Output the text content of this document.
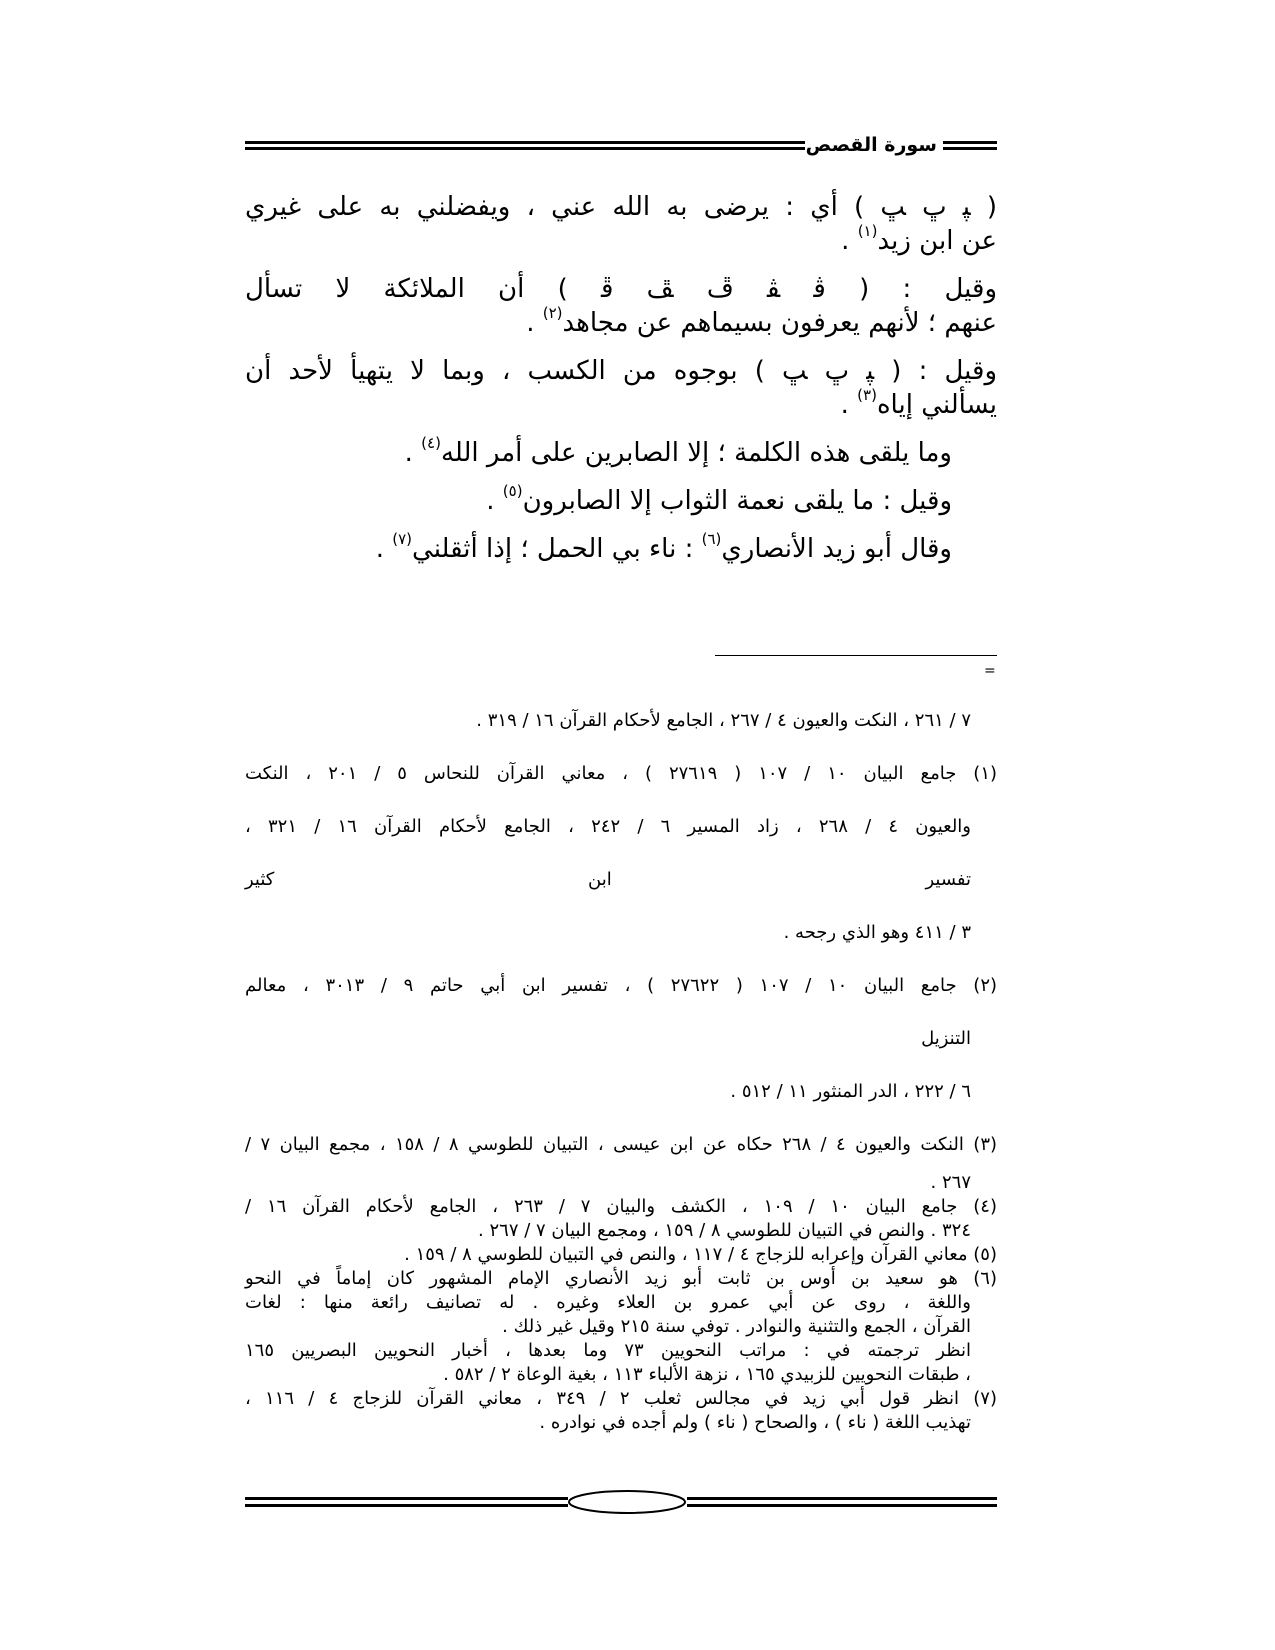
سورة القصص
( ﭙ ﭚ ﭛ ) أي : يرضى به الله عني ، ويفضلني به على غيري
عن ابن زيد$^{(١)}$ .
وقيل : ( ﭬ ﭭ ﭮ ﭯ ﭰ ) أن الملائكة لا تسأل
عنهم ؛ لأنهم يعرفون بسيماهم عن مجاهد$^{(٢)}$ .
وقيل : ( ﭙ ﭚ ﭛ ) بوجوه من الكسب ، وبما لا يتهيأ لأحد أن
يسألني إياه$^{(٣)}$ .
وما يلقى هذه الكلمة ؛ إلا الصابرين على أمر الله$^{(٤)}$ .
وقيل : ما يلقى نعمة الثواب إلا الصابرون$^{(٥)}$ .
وقال أبو زيد الأنصاري$^{(٦)}$ : ناء بي الحمل ؛ إذا أثقلني$^{(٧)}$ .
=
٧ / ٢٦١ ، النكت والعيون ٤ / ٢٦٧ ، الجامع لأحكام القرآن ١٦ / ٣١٩ .
(١) جامع البيان ١٠ / ١٠٧ ( ٢٧٦١٩ ) ، معاني القرآن للنحاس ٥ / ٢٠١ ، النكت
والعيون ٤ / ٢٦٨ ، زاد المسير ٦ / ٢٤٢ ، الجامع لأحكام القرآن ١٦ / ٣٢١ ،
تفسير ابن كثير
٣ / ٤١١ وهو الذي رجحه .
(٢) جامع البيان ١٠ / ١٠٧ ( ٢٧٦٢٢ ) ، تفسير ابن أبي حاتم ٩ / ٣٠١٣ ، معالم
التنزيل
٦ / ٢٢٢ ، الدر المنثور ١١ / ٥١٢ .
(٣) النكت والعيون ٤ / ٢٦٨ حكاه عن ابن عيسى ، التبيان للطوسي ٨ / ١٥٨ ، مجمع البيان ٧ /
٢٦٧ .
(٤) جامع البيان ١٠ / ١٠٩ ، الكشف والبيان ٧ / ٢٦٣ ، الجامع لأحكام القرآن ١٦ /
٣٢٤ . والنص في التبيان للطوسي ٨ / ١٥٩ ، ومجمع البيان ٧ / ٢٦٧ .
(٥) معاني القرآن وإعرابه للزجاج ٤ / ١١٧ ، والنص في التبيان للطوسي ٨ / ١٥٩ .
(٦) هو سعيد بن أوس بن ثابت أبو زيد الأنصاري الإمام المشهور كان إماماً في النحو
واللغة ، روى عن أبي عمرو بن العلاء وغيره . له تصانيف رائعة منها : لغات
القرآن ، الجمع والتثنية والنوادر . توفي سنة ٢١٥ وقيل غير ذلك .
انظر ترجمته في : مراتب النحويين ٧٣ وما بعدها ، أخبار النحويين البصريين ١٦٥
، طبقات النحويين للزبيدي ١٦٥ ، نزهة الألباء ١١٣ ، بغية الوعاة ٢ / ٥٨٢ .
(٧) انظر قول أبي زيد في مجالس ثعلب ٢ / ٣٤٩ ، معاني القرآن للزجاج ٤ / ١١٦ ،
تهذيب اللغة ( ناء ) ، والصحاح ( ناء ) ولم أجده في نوادره .
